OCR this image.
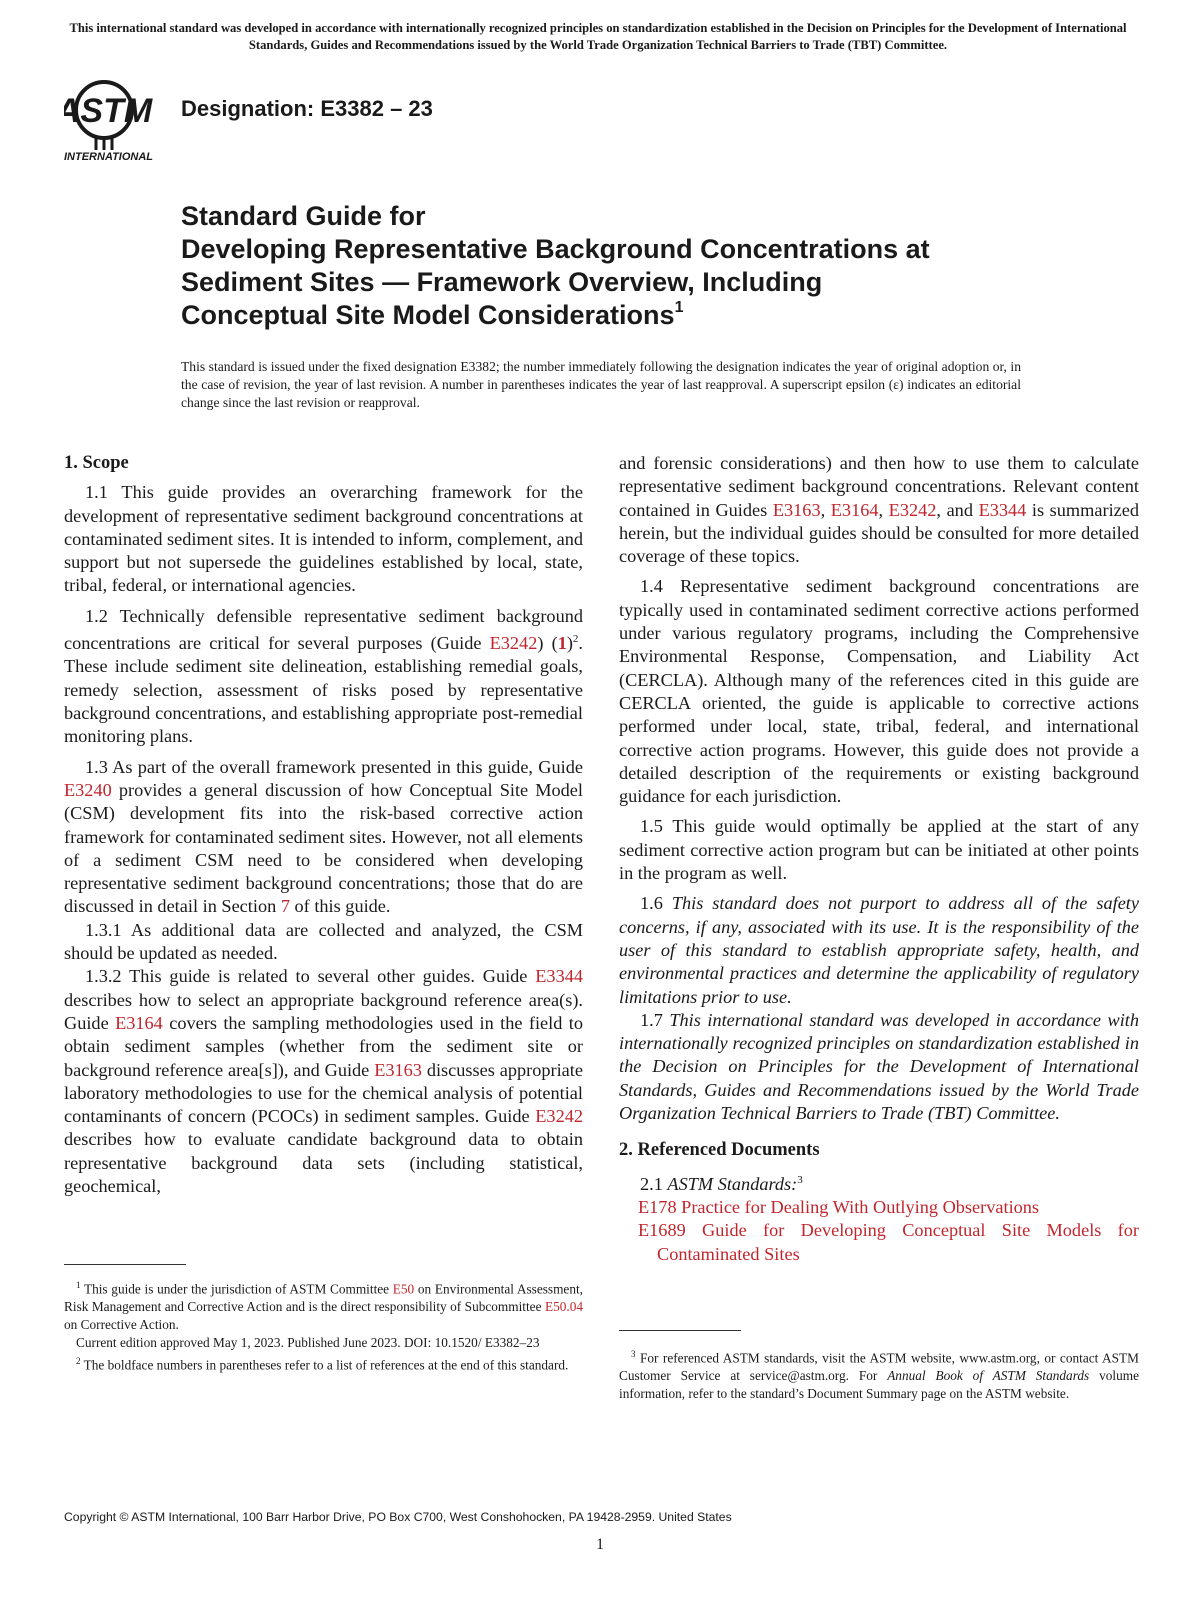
This international standard was developed in accordance with internationally recognized principles on standardization established in the Decision on Principles for the Development of International Standards, Guides and Recommendations issued by the World Trade Organization Technical Barriers to Trade (TBT) Committee.
ASTM
INTERNATIONAL
Designation: E3382 – 23
Standard Guide for
Developing Representative Background Concentrations at
Sediment Sites — Framework Overview, Including
Conceptual Site Model Considerations$^1$
This standard is issued under the fixed designation E3382; the number immediately following the designation indicates the year of original adoption or, in the case of revision, the year of last revision. A number in parentheses indicates the year of last reapproval. A superscript epsilon (ε) indicates an editorial change since the last revision or reapproval.
1. Scope

1.1 This guide provides an overarching framework for the development of representative sediment background concentrations at contaminated sediment sites. It is intended to inform, complement, and support but not supersede the guidelines established by local, state, tribal, federal, or international agencies.

1.2 Technically defensible representative sediment background concentrations are critical for several purposes (Guide E3242) (1)$^2$. These include sediment site delineation, establishing remedial goals, remedy selection, assessment of risks posed by representative background concentrations, and establishing appropriate post-remedial monitoring plans.

1.3 As part of the overall framework presented in this guide, Guide E3240 provides a general discussion of how Conceptual Site Model (CSM) development fits into the risk-based corrective action framework for contaminated sediment sites. However, not all elements of a sediment CSM need to be considered when developing representative sediment background concentrations; those that do are discussed in detail in Section 7 of this guide.

1.3.1 As additional data are collected and analyzed, the CSM should be updated as needed.

1.3.2 This guide is related to several other guides. Guide E3344 describes how to select an appropriate background reference area(s). Guide E3164 covers the sampling methodologies used in the field to obtain sediment samples (whether from the sediment site or background reference area[s]), and Guide E3163 discusses appropriate laboratory methodologies to use for the chemical analysis of potential contaminants of concern (PCOCs) in sediment samples. Guide E3242 describes how to evaluate candidate background data to obtain representative background data sets (including statistical, geochemical,

$^1$ This guide is under the jurisdiction of ASTM Committee E50 on Environmental Assessment, Risk Management and Corrective Action and is the direct responsibility of Subcommittee E50.04 on Corrective Action.

Current edition approved May 1, 2023. Published June 2023. DOI: 10.1520/ E3382–23

$^2$ The boldface numbers in parentheses refer to a list of references at the end of this standard.

and forensic considerations) and then how to use them to calculate representative sediment background concentrations. Relevant content contained in Guides E3163, E3164, E3242, and E3344 is summarized herein, but the individual guides should be consulted for more detailed coverage of these topics.

1.4 Representative sediment background concentrations are typically used in contaminated sediment corrective actions performed under various regulatory programs, including the Comprehensive Environmental Response, Compensation, and Liability Act (CERCLA). Although many of the references cited in this guide are CERCLA oriented, the guide is applicable to corrective actions performed under local, state, tribal, federal, and international corrective action programs. However, this guide does not provide a detailed description of the requirements or existing background guidance for each jurisdiction.

1.5 This guide would optimally be applied at the start of any sediment corrective action program but can be initiated at other points in the program as well.

1.6 This standard does not purport to address all of the safety concerns, if any, associated with its use. It is the responsibility of the user of this standard to establish appropriate safety, health, and environmental practices and determine the applicability of regulatory limitations prior to use.

1.7 This international standard was developed in accordance with internationally recognized principles on standardization established in the Decision on Principles for the Development of International Standards, Guides and Recommendations issued by the World Trade Organization Technical Barriers to Trade (TBT) Committee.

2. Referenced Documents

2.1 ASTM Standards:$^3$

E178 Practice for Dealing With Outlying Observations

E1689 Guide for Developing Conceptual Site Models for Contaminated Sites

$^3$ For referenced ASTM standards, visit the ASTM website, www.astm.org, or contact ASTM Customer Service at service@astm.org. For Annual Book of ASTM Standards volume information, refer to the standard’s Document Summary page on the ASTM website.

Copyright © ASTM International, 100 Barr Harbor Drive, PO Box C700, West Conshohocken, PA 19428-2959. United States
1
